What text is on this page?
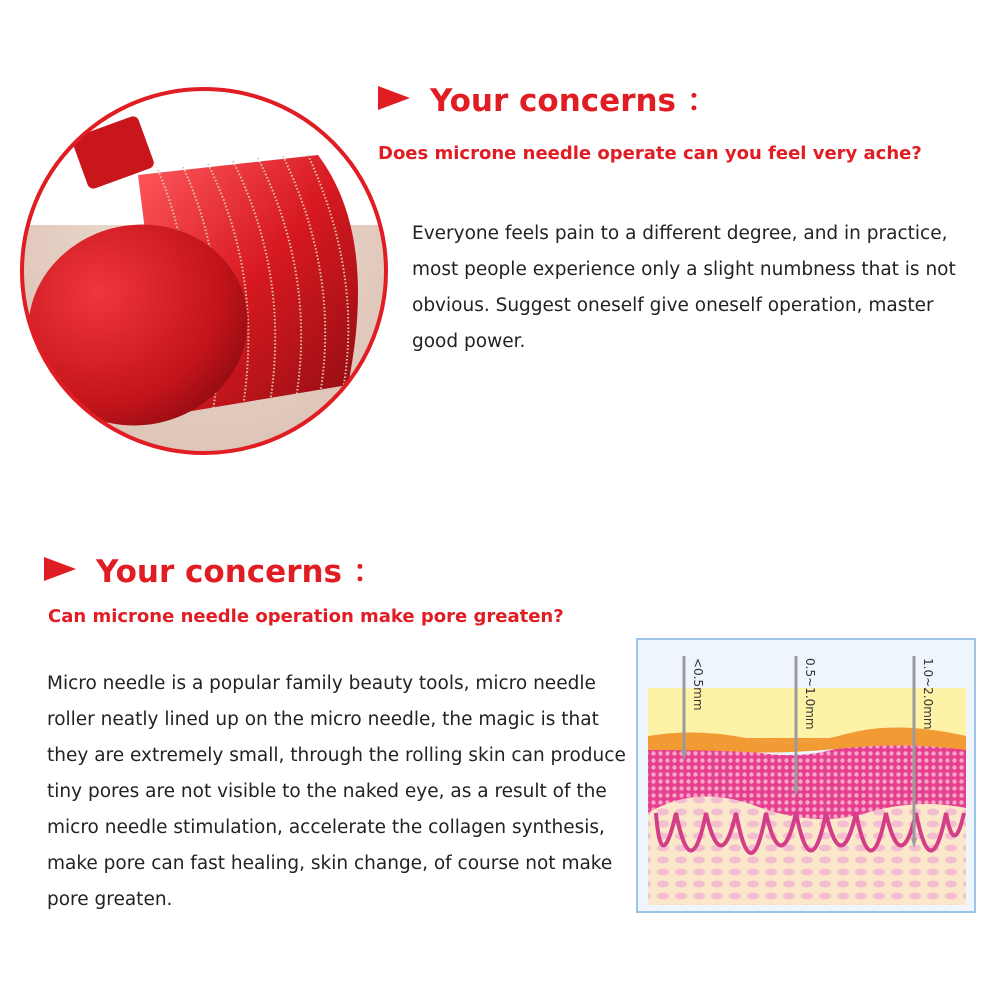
Your concerns ：
Does microne needle operate can you feel very ache?
Everyone feels pain to a different degree, and in practice, most people experience only a slight numbness that is not obvious. Suggest oneself give oneself operation, master good power.
Your concerns ：
Can microne needle operation make pore greaten?
Micro needle is a popular family beauty tools, micro needle roller neatly lined up on the micro needle, the magic is that they are extremely small, through the rolling skin can produce tiny pores are not visible to the naked eye, as a result of the micro needle stimulation, accelerate the collagen synthesis, make pore can fast healing, skin change, of course not make pore greaten.
<0.5mm	0.5~1.0mm	1.0~2.0mm
